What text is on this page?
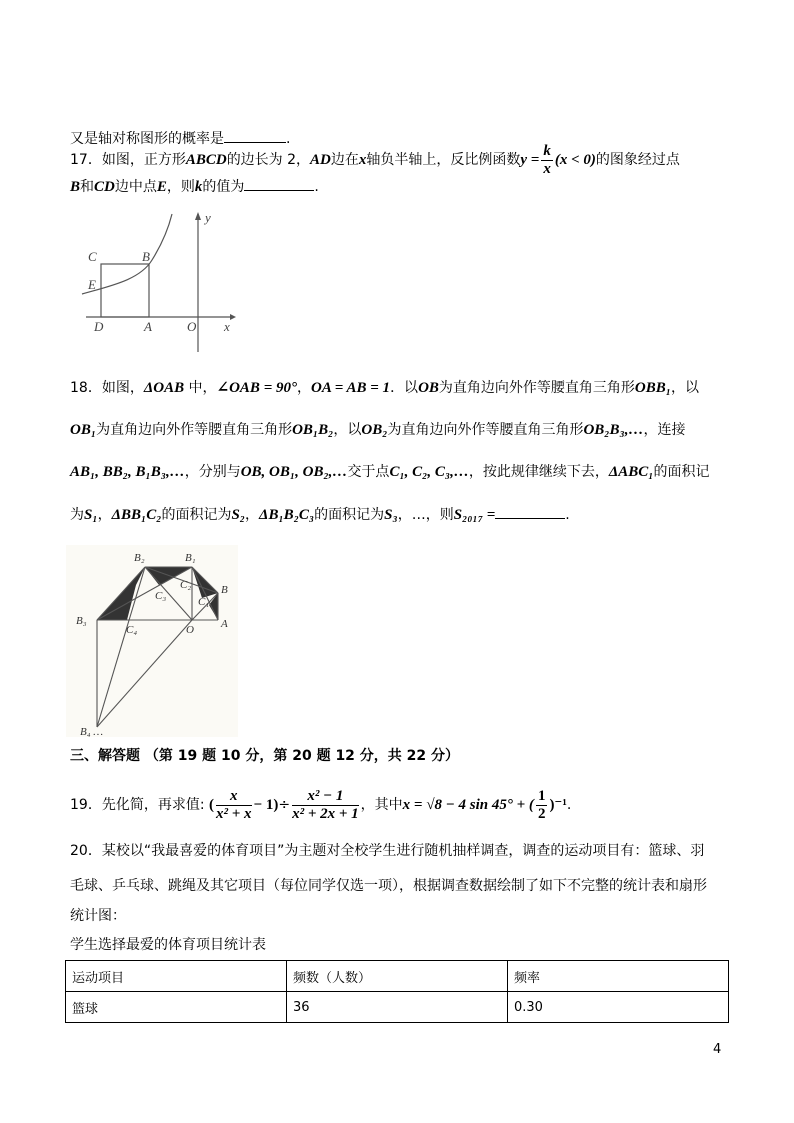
又是轴对称图形的概率是	.
17．如图，正方形ABCD的边长为 2，AD边在x轴负半轴上，反比例函数$y = \frac{k}{x} (x < 0)$的图象经过点
B和CD边中点E，则k的值为	.
C	B
E
D	A	O x
y
18．如图，ΔOAB 中，∠OAB = 90°，OA = AB = 1．以OB为直角边向外作等腰直角三角形OBB₁，以
OB₁为直角边向外作等腰直角三角形OB₁B₂，以OB₂为直角边向外作等腰直角三角形OB₂B₃,…，连接
AB₁, BB₂, B₁B₃,…，分别与OB, OB₁, OB₂,…交于点C₁, C₂, C₃,…，按此规律继续下去，ΔABC₁的面积记
为S₁，ΔBB₁C₂的面积记为S₂，ΔB₁B₂C₃的面积记为S₃，…，则S₂₀₁₇ =	.
B₂	B₁
B
C₂
C₃	C₁
B₃
C₄	O A
B₄ …
三、解答题 （第 19 题 10 分，第 20 题 12 分，共 22 分）
19．先化简，再求值: ( $\frac{x}{\text{x² + x}} - 1)\div \frac{\text{x² − 1}}{\text{x² + 2x + 1}}$ ，其中x = √8 − 4 sin 45° + ( $\frac{1}{2} )^{-1}$.
20．某校以“我最喜爱的体育项目”为主题对全校学生进行随机抽样调查，调查的运动项目有：篮球、羽
毛球、乒乓球、跳绳及其它项目（每位同学仅选一项），根据调查数据绘制了如下不完整的统计表和扇形
统计图：
学生选择最爱的体育项目统计表
运动项目	频数（人数）	频率
篮球	36	0.30
4
